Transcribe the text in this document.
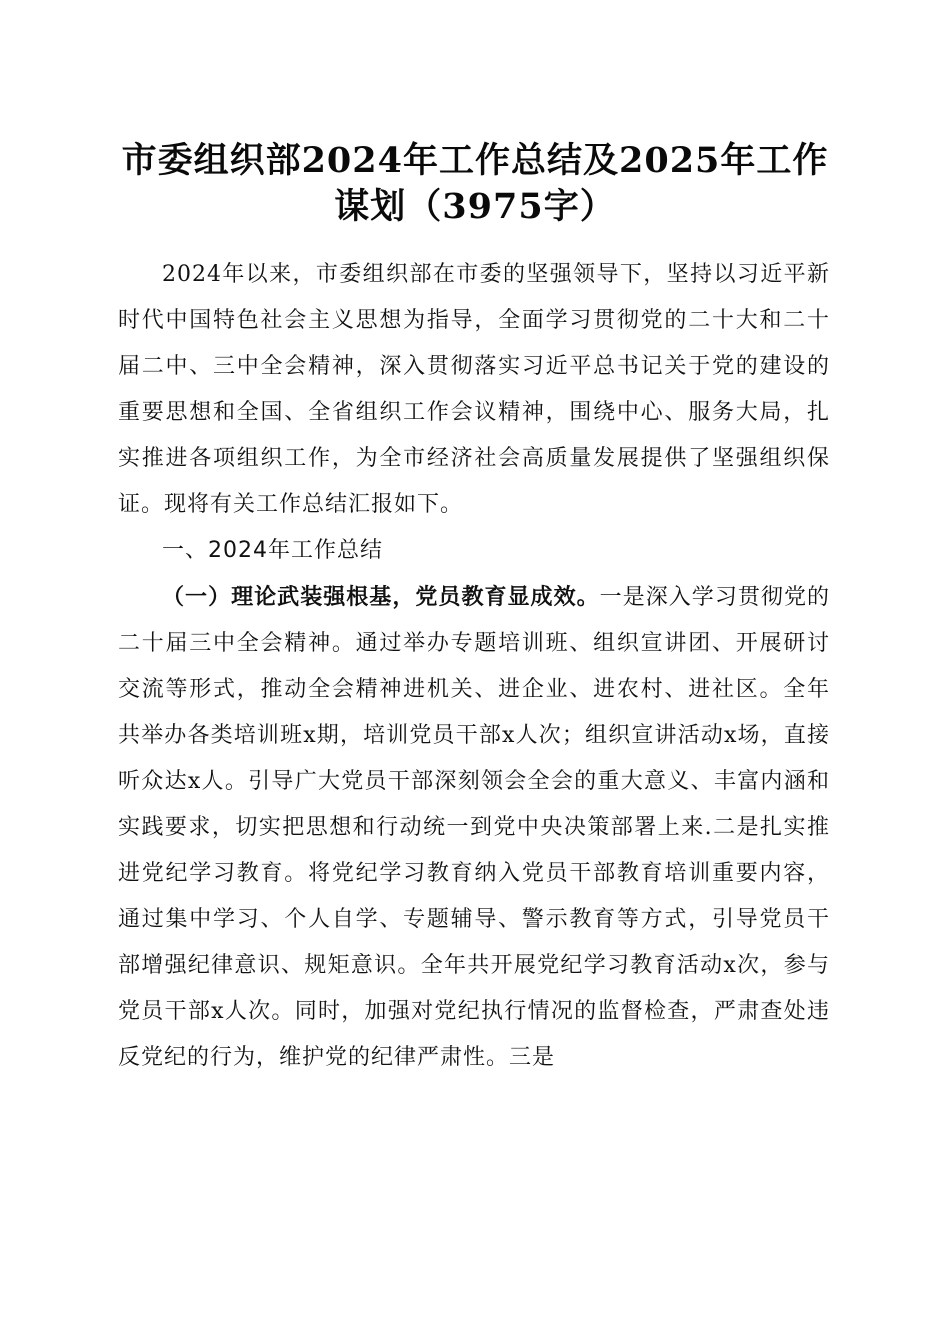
市委组织部2024年工作总结及2025年工作谋划（3975字）

2024年以来，市委组织部在市委的坚强领导下，坚持以习近平新时代中国特色社会主义思想为指导，全面学习贯彻党的二十大和二十届二中、三中全会精神，深入贯彻落实习近平总书记关于党的建设的重要思想和全国、全省组织工作会议精神，围绕中心、服务大局，扎实推进各项组织工作，为全市经济社会高质量发展提供了坚强组织保证。现将有关工作总结汇报如下。

一、2024年工作总结

（一）理论武装强根基，党员教育显成效。一是深入学习贯彻党的二十届三中全会精神。通过举办专题培训班、组织宣讲团、开展研讨交流等形式，推动全会精神进机关、进企业、进农村、进社区。全年共举办各类培训班x期，培训党员干部x人次；组织宣讲活动x场，直接听众达x人。引导广大党员干部深刻领会全会的重大意义、丰富内涵和实践要求，切实把思想和行动统一到党中央决策部署上来.二是扎实推进党纪学习教育。将党纪学习教育纳入党员干部教育培训重要内容，通过集中学习、个人自学、专题辅导、警示教育等方式，引导党员干部增强纪律意识、规矩意识。全年共开展党纪学习教育活动x次，参与党员干部x人次。同时，加强对党纪执行情况的监督检查，严肃查处违反党纪的行为，维护党的纪律严肃性。三是
